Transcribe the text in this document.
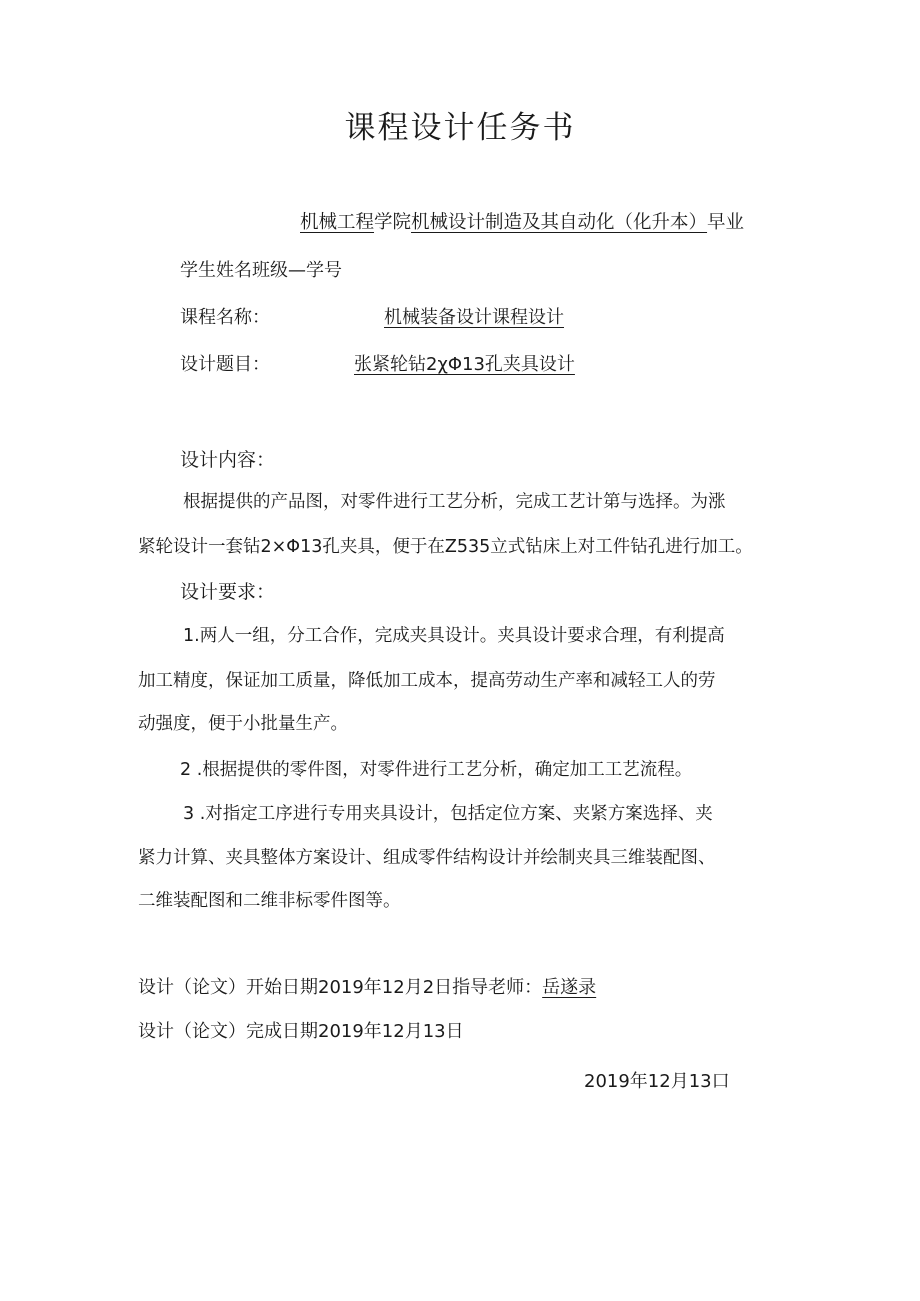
课程设计任务书
机械工程学院机械设计制造及其自动化（化升本）早业
学生姓名班级—学号
课程名称：	机械装备设计课程设计
设计题目：	张紧轮钻2χΦ13孔夹具设计
设计内容：
根据提供的产品图，对零件进行工艺分析，完成工艺计第与选择。为涨
紧轮设计一套钻2×Φ13孔夹具，便于在Z535立式钻床上对工件钻孔进行加工。
设计要求：
1.两人一组，分工合作，完成夹具设计。夹具设计要求合理，有利提高
加工精度，保证加工质量，降低加工成本，提高劳动生产率和减轻工人的劳
动强度，便于小批量生产。
2 .根据提供的零件图，对零件进行工艺分析，确定加工工艺流程。
3 .对指定工序进行专用夹具设计，包括定位方案、夹紧方案选择、夹
紧力计算、夹具整体方案设计、组成零件结构设计并绘制夹具三维装配图、
二维装配图和二维非标零件图等。
设计（论文）开始日期2019年12月2日指导老师：岳遂录
设计（论文）完成日期2019年12月13日
2019年12月13口
